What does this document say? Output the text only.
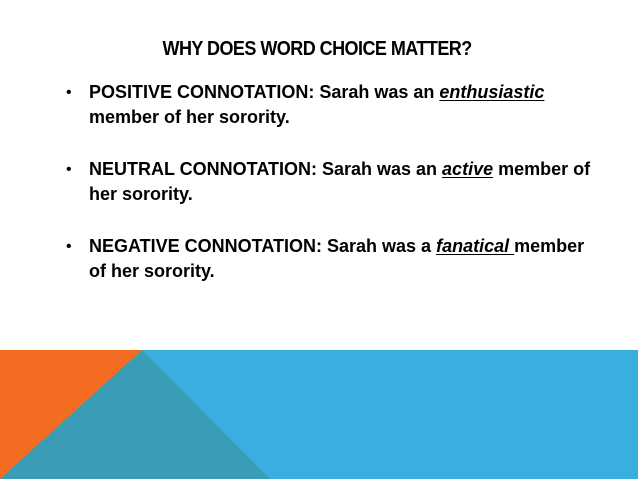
WHY DOES WORD CHOICE MATTER?
• POSITIVE CONNOTATION: Sarah was an enthusiastic member of her sorority.
• NEUTRAL CONNOTATION: Sarah was an active member of her sorority.
• NEGATIVE CONNOTATION: Sarah was a fanatical member of her sorority.
